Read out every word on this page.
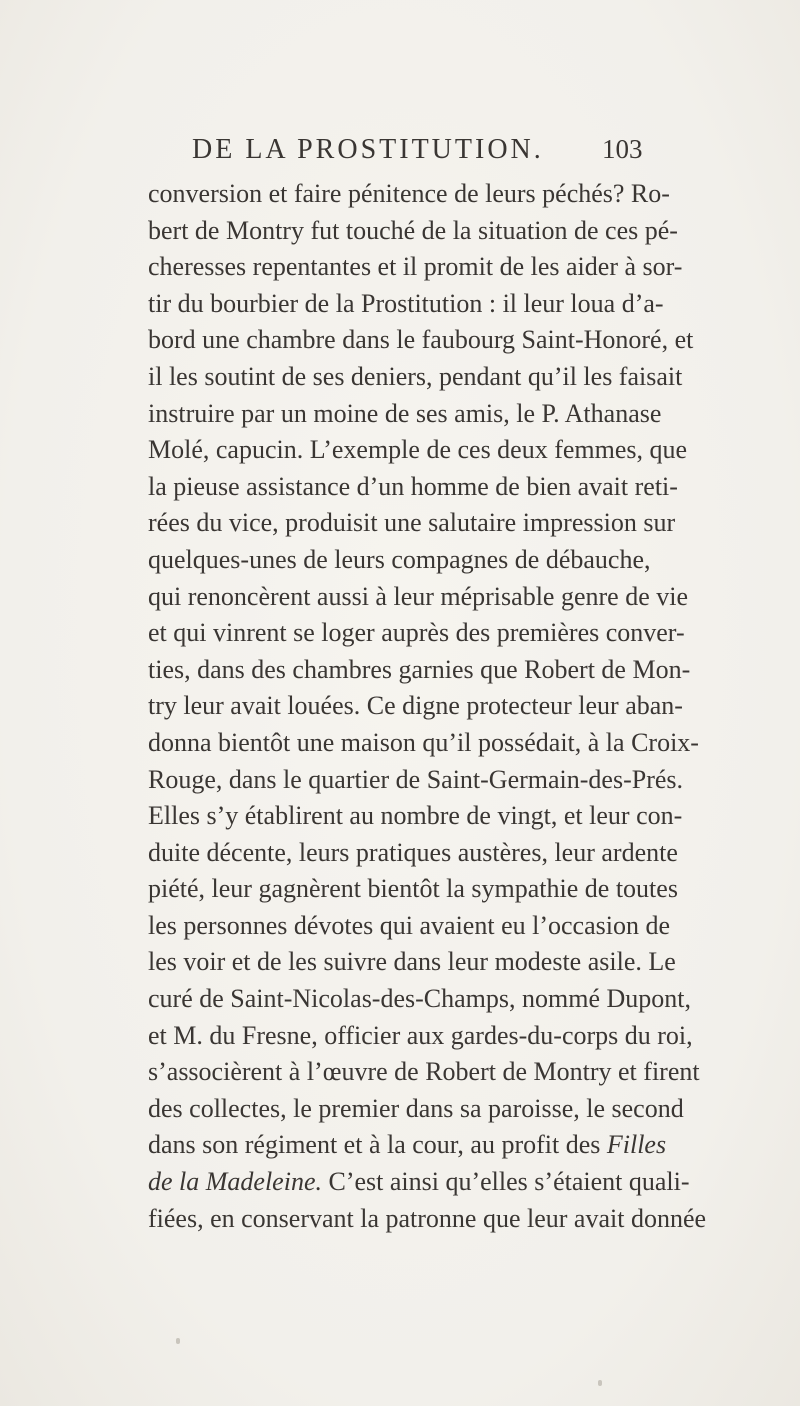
DE LA PROSTITUTION. 103
conversion et faire pénitence de leurs péchés? Ro-
bert de Montry fut touché de la situation de ces pé-
cheresses repentantes et il promit de les aider à sor-
tir du bourbier de la Prostitution : il leur loua d’a-
bord une chambre dans le faubourg Saint-Honoré, et
il les soutint de ses deniers, pendant qu’il les faisait
instruire par un moine de ses amis, le P. Athanase
Molé, capucin. L’exemple de ces deux femmes, que
la pieuse assistance d’un homme de bien avait reti-
rées du vice, produisit une salutaire impression sur
quelques-unes de leurs compagnes de débauche,
qui renoncèrent aussi à leur méprisable genre de vie
et qui vinrent se loger auprès des premières conver-
ties, dans des chambres garnies que Robert de Mon-
try leur avait louées. Ce digne protecteur leur aban-
donna bientôt une maison qu’il possédait, à la Croix-
Rouge, dans le quartier de Saint-Germain-des-Prés.
Elles s’y établirent au nombre de vingt, et leur con-
duite décente, leurs pratiques austères, leur ardente
piété, leur gagnèrent bientôt la sympathie de toutes
les personnes dévotes qui avaient eu l’occasion de
les voir et de les suivre dans leur modeste asile. Le
curé de Saint-Nicolas-des-Champs, nommé Dupont,
et M. du Fresne, officier aux gardes-du-corps du roi,
s’associèrent à l’œuvre de Robert de Montry et firent
des collectes, le premier dans sa paroisse, le second
dans son régiment et à la cour, au profit des Filles
de la Madeleine. C’est ainsi qu’elles s’étaient quali-
fiées, en conservant la patronne que leur avait donnée
